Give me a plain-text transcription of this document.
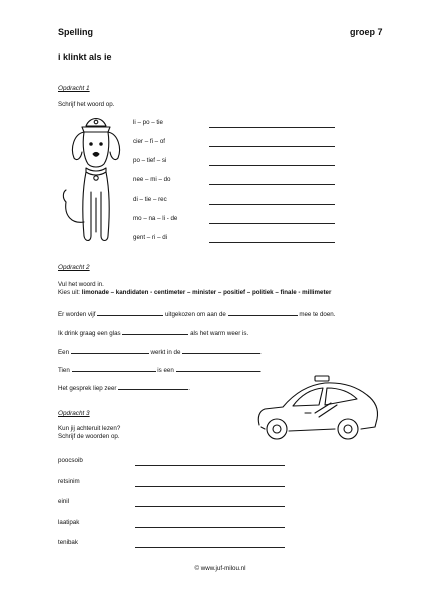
Spelling	groep 7
i klinkt als ie
Opdracht 1
Schrijf het woord op.
li – po – tie
cier – fi – of
po – tief – si
nee – mi – do
di – tie – rec
mo – na – li - de
gent – ri – di
Opdracht 2
Vul het woord in.
Kies uit: limonade – kandidaten - centimeter – minister – positief – politiek – finale - millimeter
Er worden vijf	uitgekozen om aan de	mee te doen.
Ik drink graag een glas	als het warm weer is.
Een	werkt in de	.
Tien	is een	.
Het gesprek liep zeer	.
Opdracht 3
Kun jij achteruit lezen?
Schrijf de woorden op.
poocsoib
retsinim
einil
laatipak
tenibak
© www.juf-milou.nl
